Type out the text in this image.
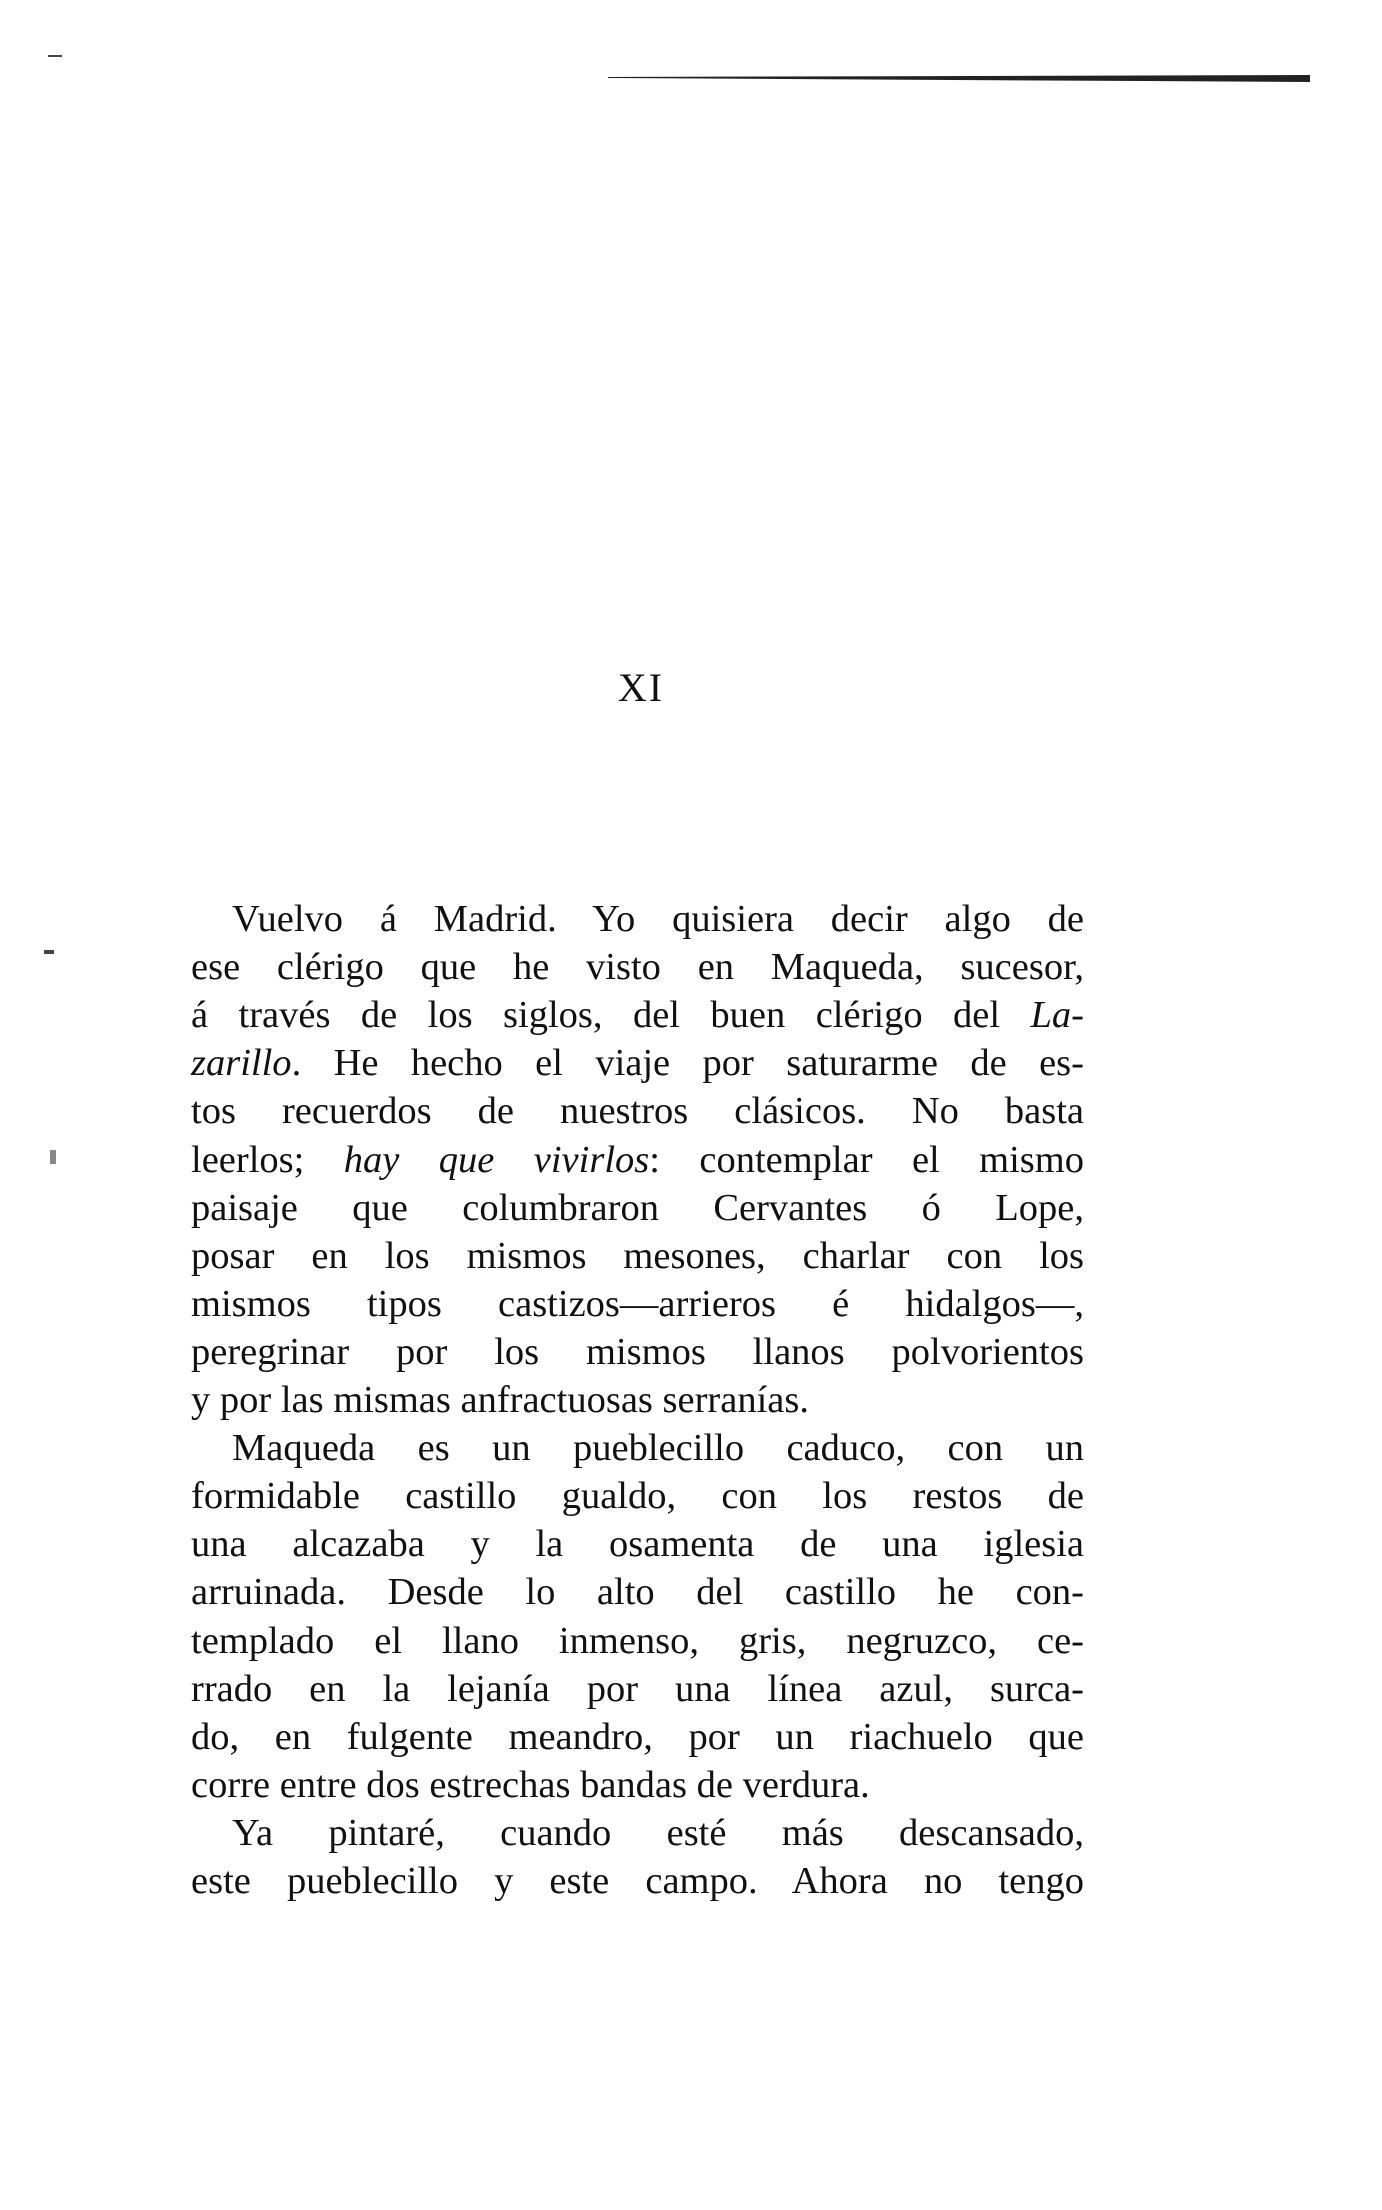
XI
Vuelvo á Madrid. Yo quisiera decir algo de
ese clérigo que he visto en Maqueda, sucesor,
á través de los siglos, del buen clérigo del La-
zarillo. He hecho el viaje por saturarme de es-
tos recuerdos de nuestros clásicos. No basta
leerlos; hay que vivirlos: contemplar el mismo
paisaje que columbraron Cervantes ó Lope,
posar en los mismos mesones, charlar con los
mismos tipos castizos—arrieros é hidalgos—,
peregrinar por los mismos llanos polvorientos
y por las mismas anfractuosas serranías.
Maqueda es un pueblecillo caduco, con un
formidable castillo gualdo, con los restos de
una alcazaba y la osamenta de una iglesia
arruinada. Desde lo alto del castillo he con-
templado el llano inmenso, gris, negruzco, ce-
rrado en la lejanía por una línea azul, surca-
do, en fulgente meandro, por un riachuelo que
corre entre dos estrechas bandas de verdura.
Ya pintaré, cuando esté más descansado,
este pueblecillo y este campo. Ahora no tengo
